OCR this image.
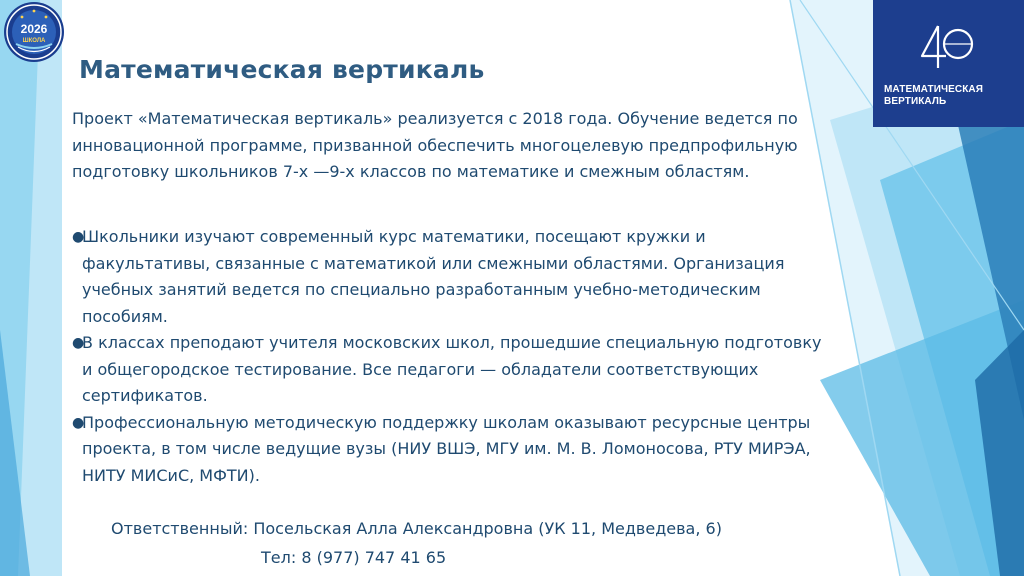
2026
ШКОЛА
МАТЕМАТИЧЕСКАЯ
ВЕРТИКАЛЬ
Математическая вертикаль
Проект «Математическая вертикаль» реализуется с 2018 года. Обучение ведется по инновационной программе, призванной обеспечить многоцелевую предпрофильную подготовку школьников 7-х —9-х классов по математике и смежным областям.
●
Школьники изучают современный курс математики, посещают кружки и факультативы, связанные с математикой или смежными областями. Организация учебных занятий ведется по специально разработанным учебно-методическим пособиям.
●
В классах преподают учителя московских школ, прошедшие специальную подготовку и общегородское тестирование. Все педагоги — обладатели соответствующих сертификатов.
●
Профессиональную методическую поддержку школам оказывают ресурсные центры проекта, в том числе ведущие вузы (НИУ ВШЭ, МГУ им. М. В. Ломоносова, РТУ МИРЭА, НИТУ МИСиС, МФТИ).
Ответственный: Посельская Алла Александровна (УК 11, Медведева, 6)
Тел: 8 (977) 747 41 65
